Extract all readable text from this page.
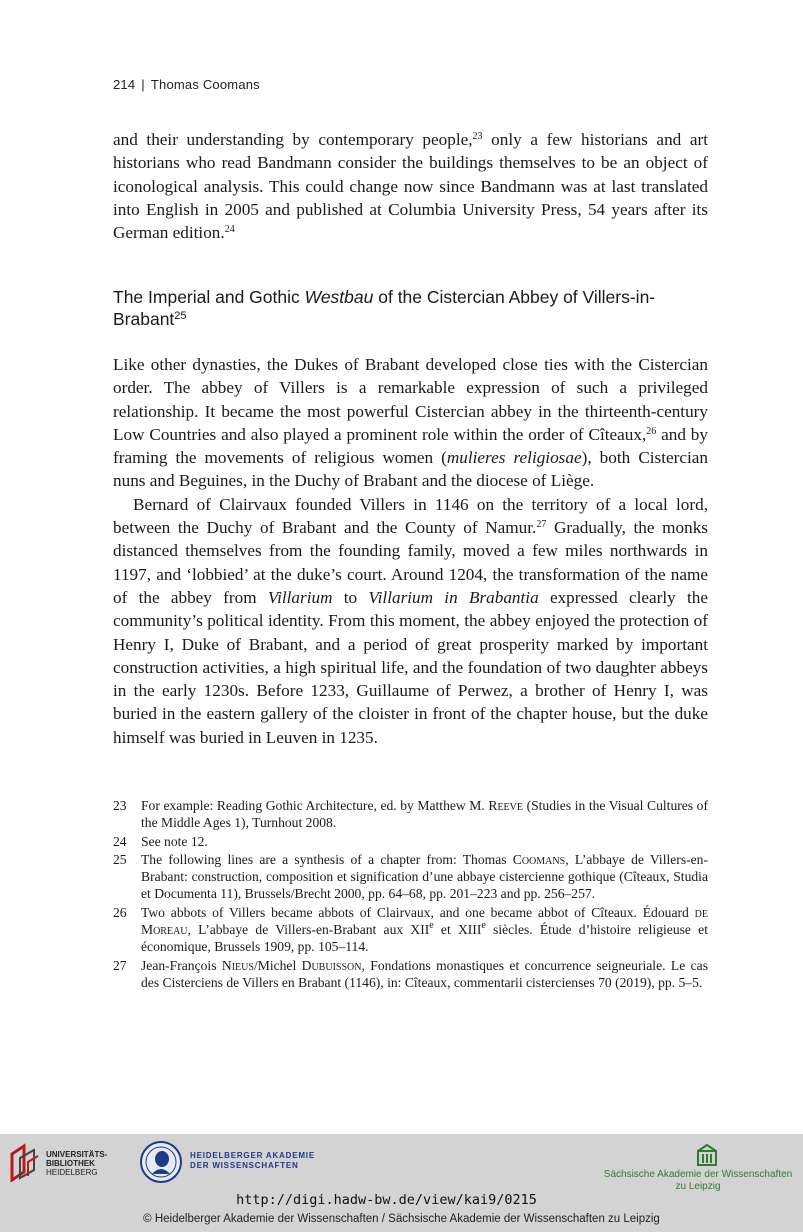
214 | Thomas Coomans

and their understanding by contemporary people,$^{23}$ only a few historians and art historians who read Bandmann consider the buildings themselves to be an object of iconological analysis. This could change now since Bandmann was at last translated into English in 2005 and published at Columbia University Press, 54 years after its German edition.$^{24}$

The Imperial and Gothic Westbau of the Cistercian Abbey of Villers-in-Brabant$^{25}$

Like other dynasties, the Dukes of Brabant developed close ties with the Cistercian order. The abbey of Villers is a remarkable expression of such a privileged relationship. It became the most powerful Cistercian abbey in the thirteenth-century Low Countries and also played a prominent role within the order of Cîteaux,$^{26}$ and by framing the movements of religious women (mulieres religiosae), both Cistercian nuns and Beguines, in the Duchy of Brabant and the diocese of Liège.

Bernard of Clairvaux founded Villers in 1146 on the territory of a local lord, between the Duchy of Brabant and the County of Namur.$^{27}$ Gradually, the monks distanced themselves from the founding family, moved a few miles northwards in 1197, and ‘lobbied’ at the duke’s court. Around 1204, the transformation of the name of the abbey from Villarium to Villarium in Brabantia expressed clearly the community’s political identity. From this moment, the abbey enjoyed the protection of Henry I, Duke of Brabant, and a period of great prosperity marked by important construction activities, a high spiritual life, and the foundation of two daughter abbeys in the early 1230s. Before 1233, Guillaume of Perwez, a brother of Henry I, was buried in the eastern gallery of the cloister in front of the chapter house, but the duke himself was buried in Leuven in 1235.

23	For example: Reading Gothic Architecture, ed. by Matthew M. Reeve (Studies in the Visual Cultures of the Middle Ages 1), Turnhout 2008.
24	See note 12.
25	The following lines are a synthesis of a chapter from: Thomas Coomans, L’abbaye de Villers-en-Brabant: construction, composition et signification d’une abbaye cistercienne gothique (Cîteaux, Studia et Documenta 11), Brussels/Brecht 2000, pp. 64–68, pp. 201–223 and pp. 256–257.
26	Two abbots of Villers became abbots of Clairvaux, and one became abbot of Cîteaux. Édouard de Moreau, L’abbaye de Villers-en-Brabant aux XIIe et XIIIe siècles. Étude d’histoire religieuse et économique, Brussels 1909, pp. 105–114.
27	Jean-François Nieus/Michel Dubuisson, Fondations monastiques et concurrence seigneuriale. Le cas des Cisterciens de Villers en Brabant (1146), in: Cîteaux, commentarii cistercienses 70 (2019), pp. 5–5.
UNIVERSITÄTS-
BIBLIOTHEK
HEIDELBERG
HEIDELBERGER AKADEMIE
DER WISSENSCHAFTEN
Sächsische Akademie der Wissenschaften
zu Leipzig
http://digi.hadw-bw.de/view/kai9/0215
© Heidelberger Akademie der Wissenschaften / Sächsische Akademie der Wissenschaften zu Leipzig
